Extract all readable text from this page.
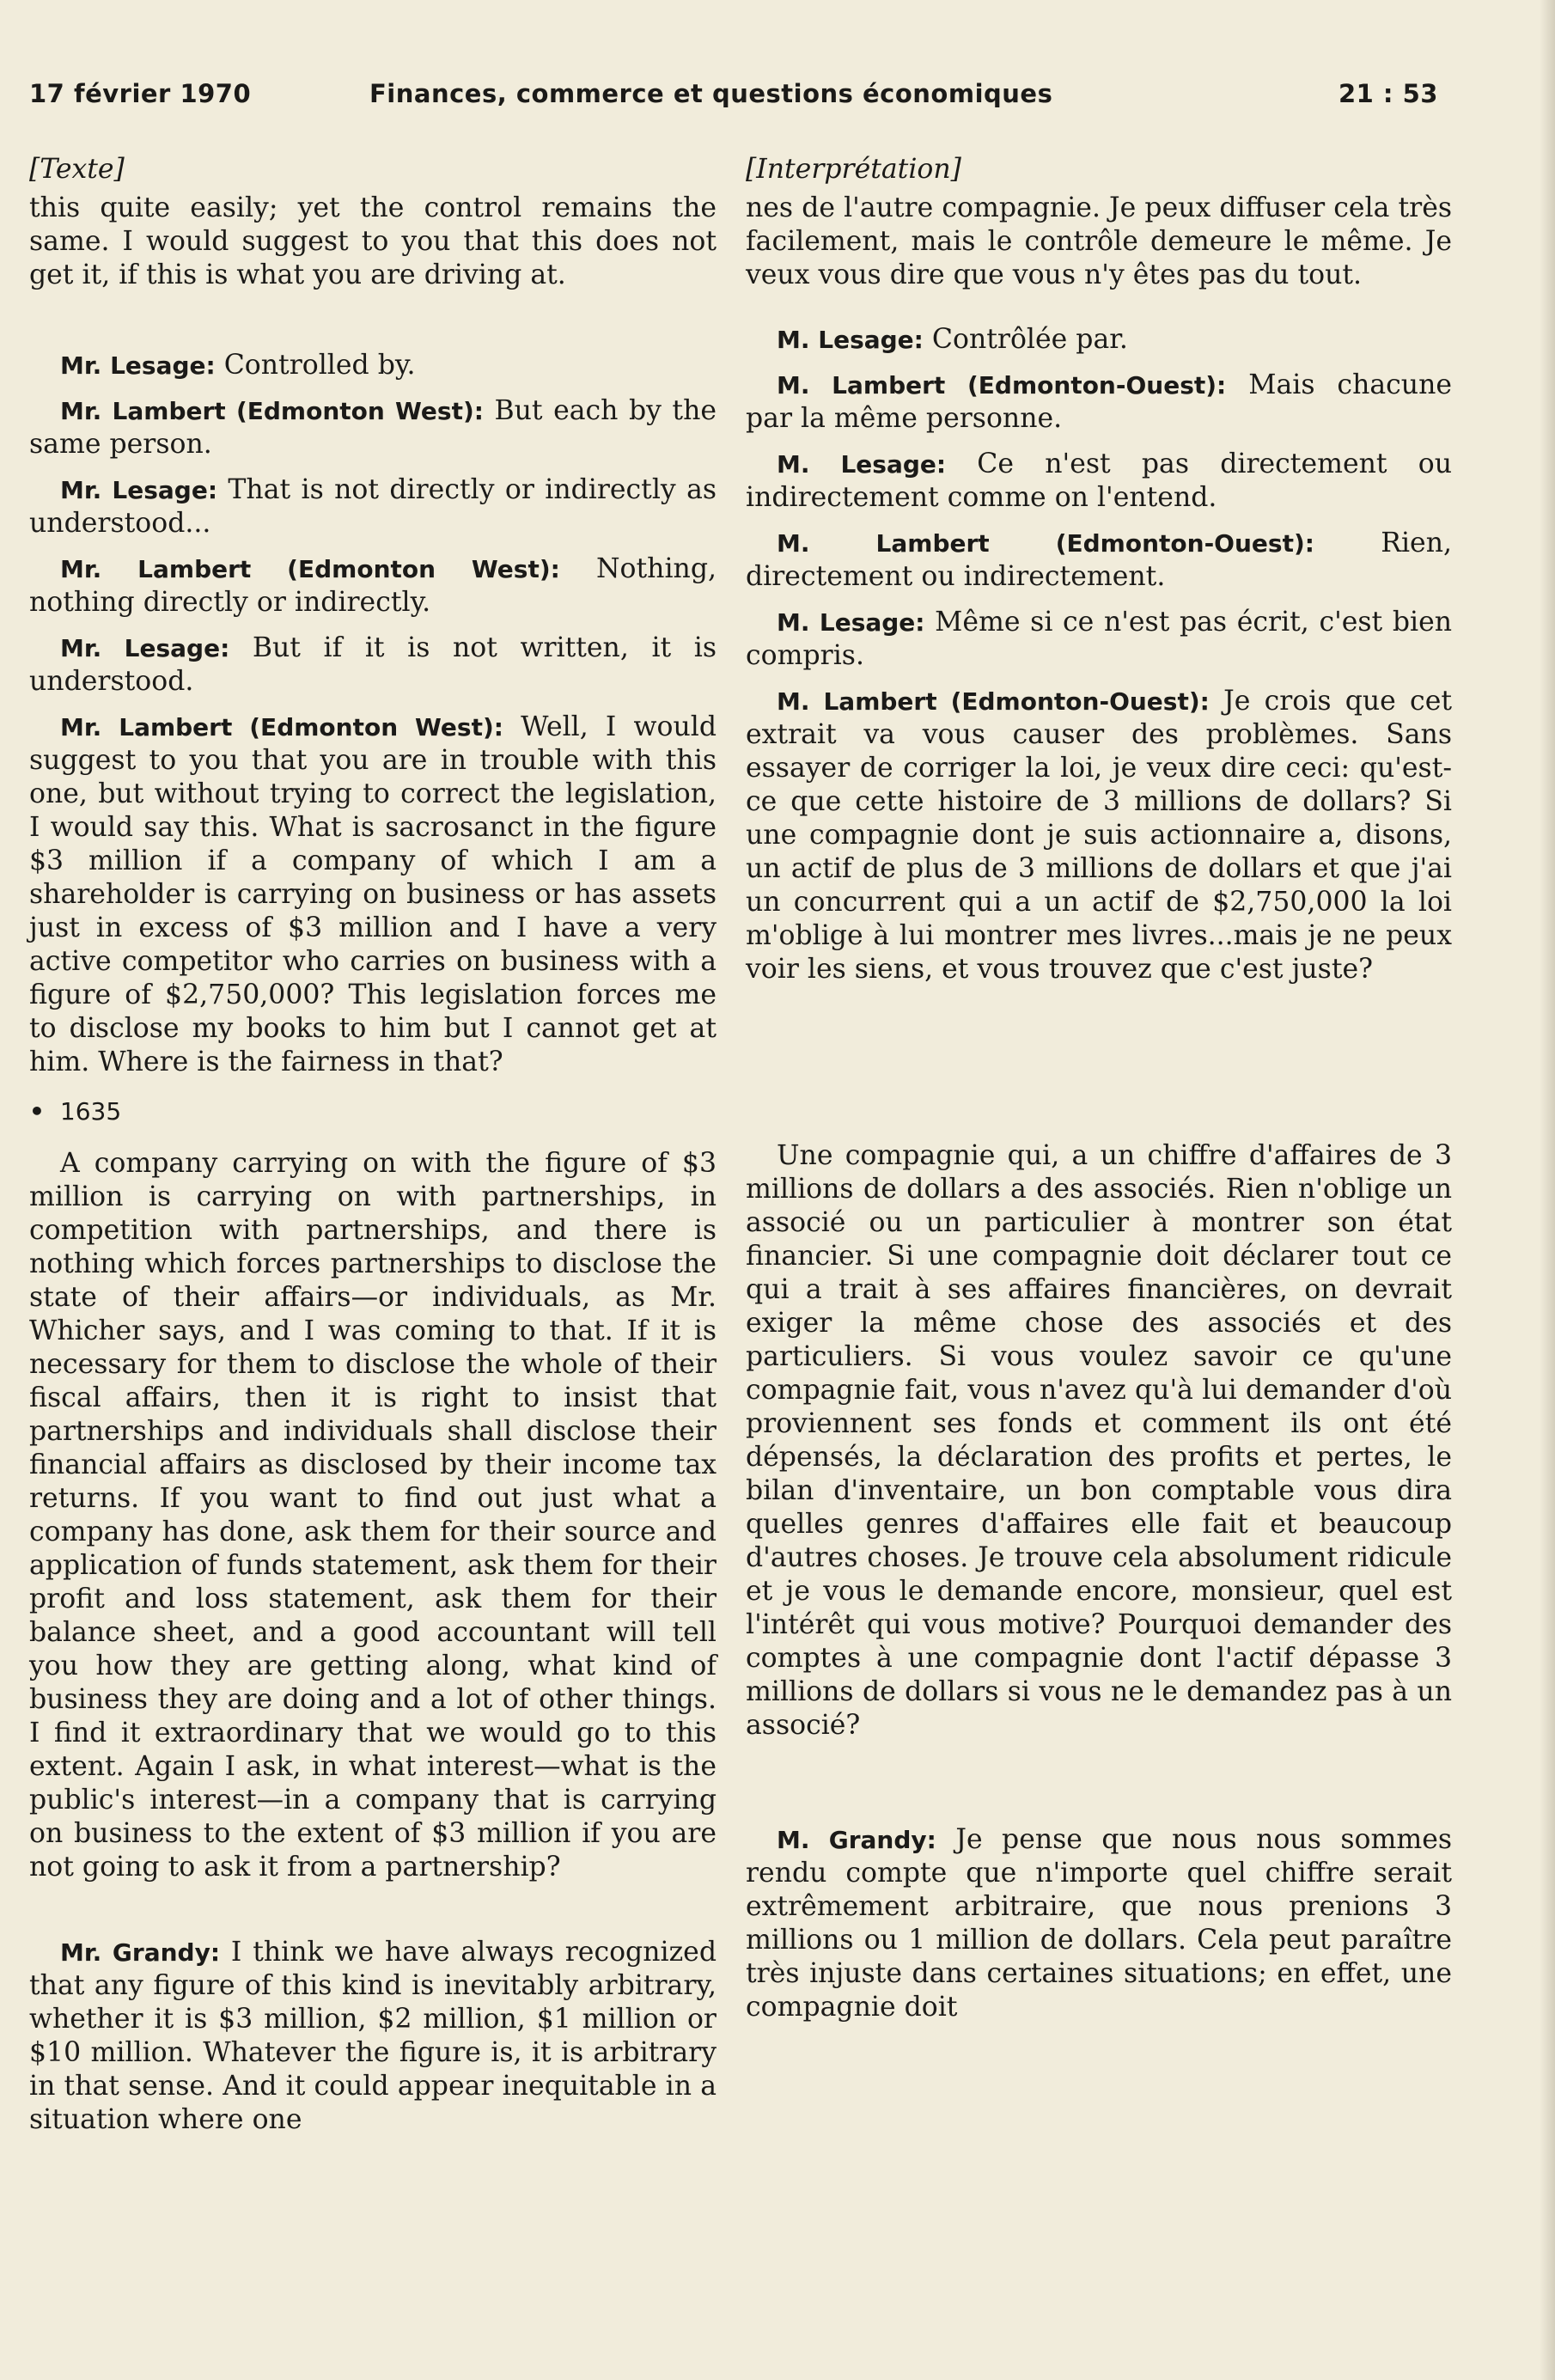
17 février 1970	Finances, commerce et questions économiques	21 : 53
[Texte]

this quite easily; yet the control remains the same. I would suggest to you that this does not get it, if this is what you are driving at.

Mr. Lesage: Controlled by.

Mr. Lambert (Edmonton West): But each by the same person.

Mr. Lesage: That is not directly or indirectly as understood...

Mr. Lambert (Edmonton West): Nothing, nothing directly or indirectly.

Mr. Lesage: But if it is not written, it is understood.

Mr. Lambert (Edmonton West): Well, I would suggest to you that you are in trouble with this one, but without trying to correct the legislation, I would say this. What is sacrosanct in the figure $3 million if a company of which I am a shareholder is carrying on business or has assets just in excess of $3 million and I have a very active competitor who carries on business with a figure of $2,750,000? This legislation forces me to disclose my books to him but I cannot get at him. Where is the fairness in that?

• 1635

A company carrying on with the figure of $3 million is carrying on with partnerships, in competition with partnerships, and there is nothing which forces partnerships to disclose the state of their affairs—or individuals, as Mr. Whicher says, and I was coming to that. If it is necessary for them to disclose the whole of their fiscal affairs, then it is right to insist that partnerships and individuals shall disclose their financial affairs as disclosed by their income tax returns. If you want to find out just what a company has done, ask them for their source and application of funds statement, ask them for their profit and loss statement, ask them for their balance sheet, and a good accountant will tell you how they are getting along, what kind of business they are doing and a lot of other things. I find it extraordinary that we would go to this extent. Again I ask, in what interest—what is the public's interest—in a company that is carrying on business to the extent of $3 million if you are not going to ask it from a partnership?

Mr. Grandy: I think we have always recognized that any figure of this kind is inevitably arbitrary, whether it is $3 million, $2 million, $1 million or $10 million. Whatever the figure is, it is arbitrary in that sense. And it could appear inequitable in a situation where one

[Interprétation]

nes de l'autre compagnie. Je peux diffuser cela très facilement, mais le contrôle demeure le même. Je veux vous dire que vous n'y êtes pas du tout.

M. Lesage: Contrôlée par.

M. Lambert (Edmonton-Ouest): Mais chacune par la même personne.

M. Lesage: Ce n'est pas directement ou indirectement comme on l'entend.

M. Lambert (Edmonton-Ouest): Rien, directement ou indirectement.

M. Lesage: Même si ce n'est pas écrit, c'est bien compris.

M. Lambert (Edmonton-Ouest): Je crois que cet extrait va vous causer des problèmes. Sans essayer de corriger la loi, je veux dire ceci: qu'est-ce que cette histoire de 3 millions de dollars? Si une compagnie dont je suis actionnaire a, disons, un actif de plus de 3 millions de dollars et que j'ai un concurrent qui a un actif de $2,750,000 la loi m'oblige à lui montrer mes livres...mais je ne peux voir les siens, et vous trouvez que c'est juste?

Une compagnie qui, a un chiffre d'affaires de 3 millions de dollars a des associés. Rien n'oblige un associé ou un particulier à montrer son état financier. Si une compagnie doit déclarer tout ce qui a trait à ses affaires financières, on devrait exiger la même chose des associés et des particuliers. Si vous voulez savoir ce qu'une compagnie fait, vous n'avez qu'à lui demander d'où proviennent ses fonds et comment ils ont été dépensés, la déclaration des profits et pertes, le bilan d'inventaire, un bon comptable vous dira quelles genres d'affaires elle fait et beaucoup d'autres choses. Je trouve cela absolument ridicule et je vous le demande encore, monsieur, quel est l'intérêt qui vous motive? Pourquoi demander des comptes à une compagnie dont l'actif dépasse 3 millions de dollars si vous ne le demandez pas à un associé?

M. Grandy: Je pense que nous nous sommes rendu compte que n'importe quel chiffre serait extrêmement arbitraire, que nous prenions 3 millions ou 1 million de dollars. Cela peut paraître très injuste dans certaines situations; en effet, une compagnie doit
